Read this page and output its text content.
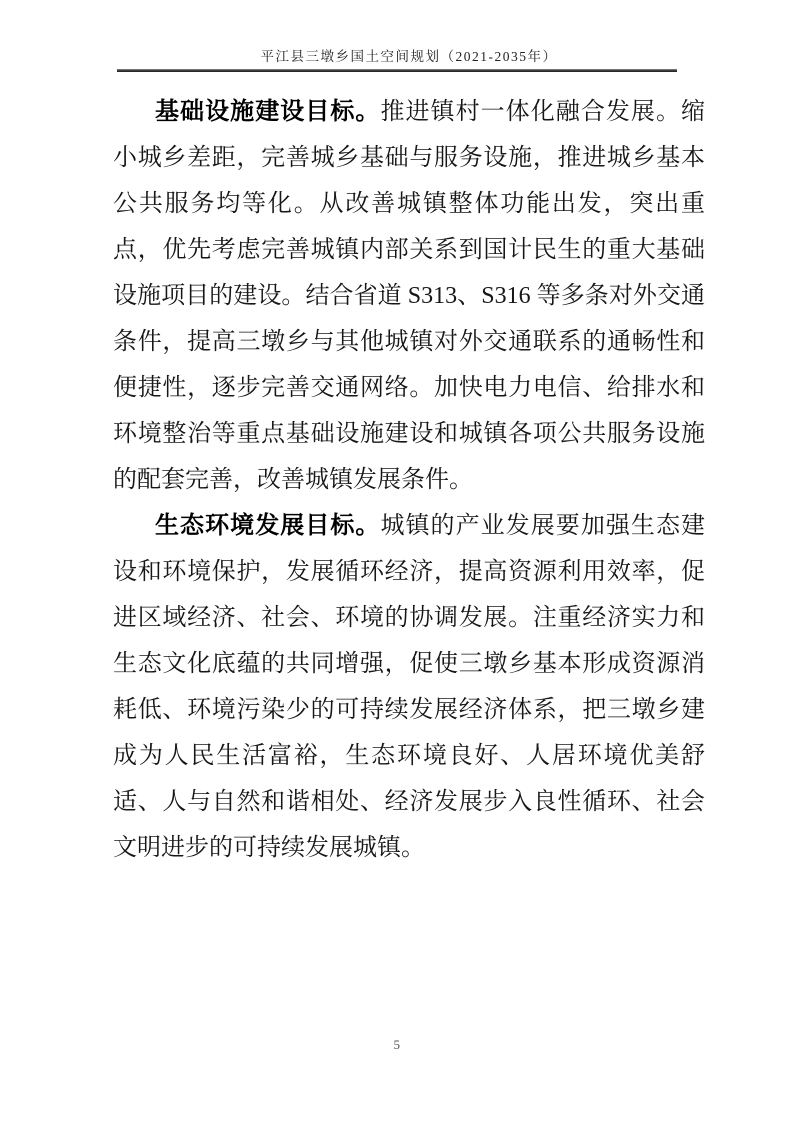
平江县三墩乡国土空间规划（2021-2035年）

基础设施建设目标。推进镇村一体化融合发展。缩小城乡差距，完善城乡基础与服务设施，推进城乡基本公共服务均等化。从改善城镇整体功能出发，突出重点，优先考虑完善城镇内部关系到国计民生的重大基础设施项目的建设。结合省道 S313、S316 等多条对外交通条件，提高三墩乡与其他城镇对外交通联系的通畅性和便捷性，逐步完善交通网络。加快电力电信、给排水和环境整治等重点基础设施建设和城镇各项公共服务设施的配套完善，改善城镇发展条件。

生态环境发展目标。城镇的产业发展要加强生态建设和环境保护，发展循环经济，提高资源利用效率，促进区域经济、社会、环境的协调发展。注重经济实力和生态文化底蕴的共同增强，促使三墩乡基本形成资源消耗低、环境污染少的可持续发展经济体系，把三墩乡建成为人民生活富裕，生态环境良好、人居环境优美舒适、人与自然和谐相处、经济发展步入良性循环、社会文明进步的可持续发展城镇。

5
